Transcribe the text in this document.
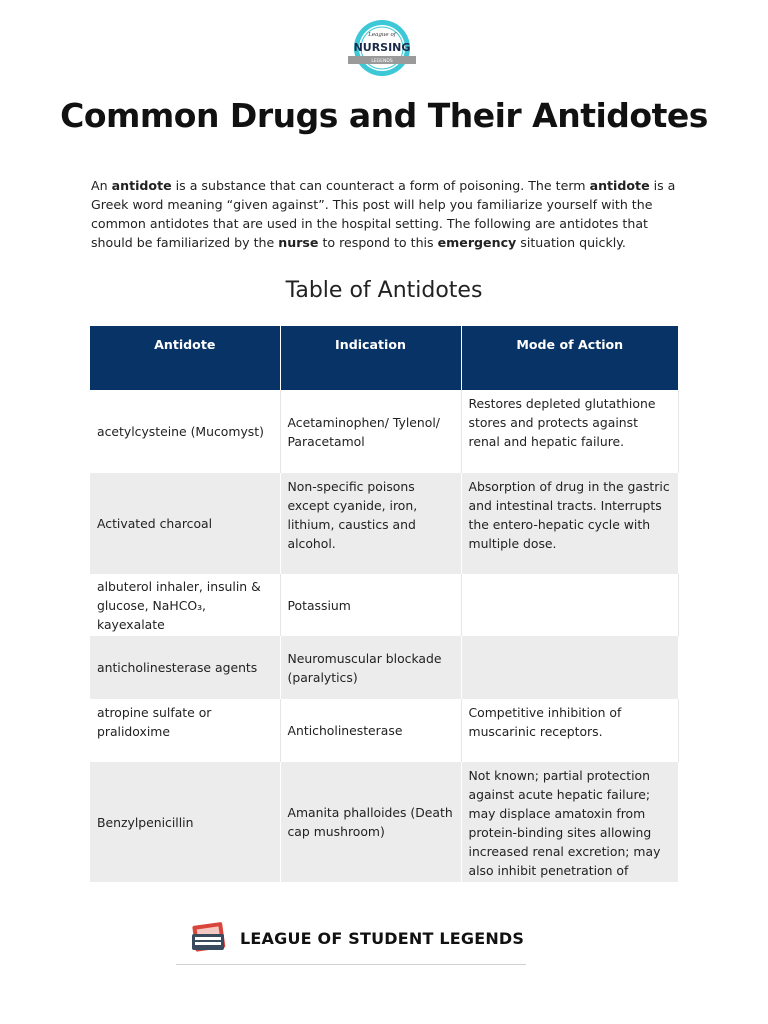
League of
NURSING
LEGENDS
Common Drugs and Their Antidotes
An antidote is a substance that can counteract a form of poisoning. The term antidote is a Greek word meaning “given against”. This post will help you familiarize yourself with the common antidotes that are used in the hospital setting. The following are antidotes that should be familiarized by the nurse to respond to this emergency situation quickly.
Table of Antidotes
Antidote	Indication	Mode of Action
acetylcysteine (Mucomyst)	Acetaminophen/ Tylenol/ Paracetamol	Restores depleted glutathione stores and protects against renal and hepatic failure.
Activated charcoal	Non-specific poisons except cyanide, iron, lithium, caustics and alcohol.	Absorption of drug in the gastric and intestinal tracts. Interrupts the entero-hepatic cycle with multiple dose.
albuterol inhaler, insulin & glucose, NaHCO₃, kayexalate	Potassium	
anticholinesterase agents	Neuromuscular blockade (paralytics)	
atropine sulfate or pralidoxime	Anticholinesterase	Competitive inhibition of muscarinic receptors.
Benzylpenicillin	Amanita phalloides (Death cap mushroom)	Not known; partial protection against acute hepatic failure; may displace amatoxin from protein-binding sites allowing increased renal excretion; may also inhibit penetration of
LEAGUE OF STUDENT LEGENDS
